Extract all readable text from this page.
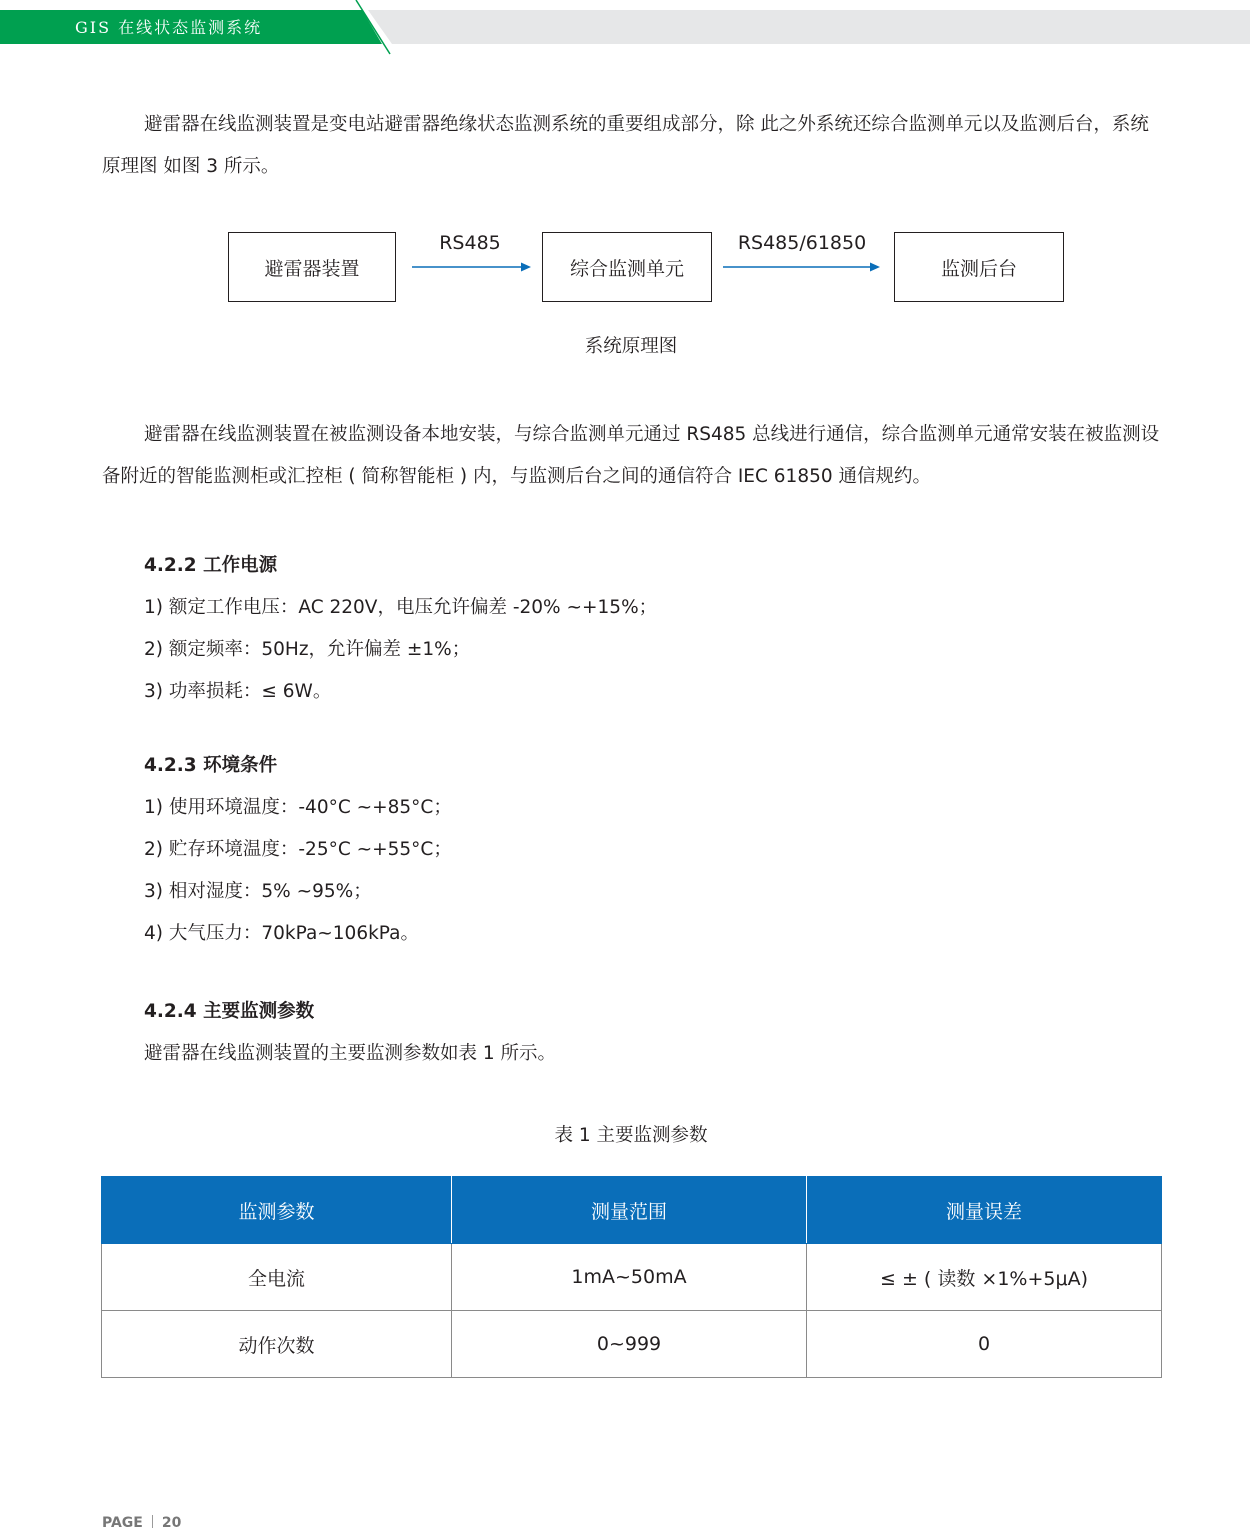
GIS 在线状态监测系统

避雷器在线监测装置是变电站避雷器绝缘状态监测系统的重要组成部分，除 此之外系统还综合监测单元以及监测后台，系统原理图 如图 3 所示。

避雷器装置	综合监测单元	监测后台
RS485	RS485/61850
系统原理图

避雷器在线监测装置在被监测设备本地安装，与综合监测单元通过 RS485 总线进行通信，综合监测单元通常安装在被监测设备附近的智能监测柜或汇控柜 ( 简称智能柜 ) 内，与监测后台之间的通信符合 IEC 61850 通信规约。

4.2.2 工作电源
1) 额定工作电压：AC 220V，电压允许偏差 -20% ~+15%；
2) 额定频率：50Hz，允许偏差 ±1%；
3) 功率损耗：≤ 6W。
4.2.3 环境条件
1) 使用环境温度：-40°C ~+85°C；
2) 贮存环境温度：-25°C ~+55°C；
3) 相对湿度：5% ~95%；
4) 大气压力：70kPa~106kPa。
4.2.4 主要监测参数
避雷器在线监测装置的主要监测参数如表 1 所示。
表 1 主要监测参数
监测参数	测量范围	测量误差
全电流	1mA~50mA	≤ ± ( 读数 ×1%+5μA)
动作次数	0~999	0
PAGE 20
